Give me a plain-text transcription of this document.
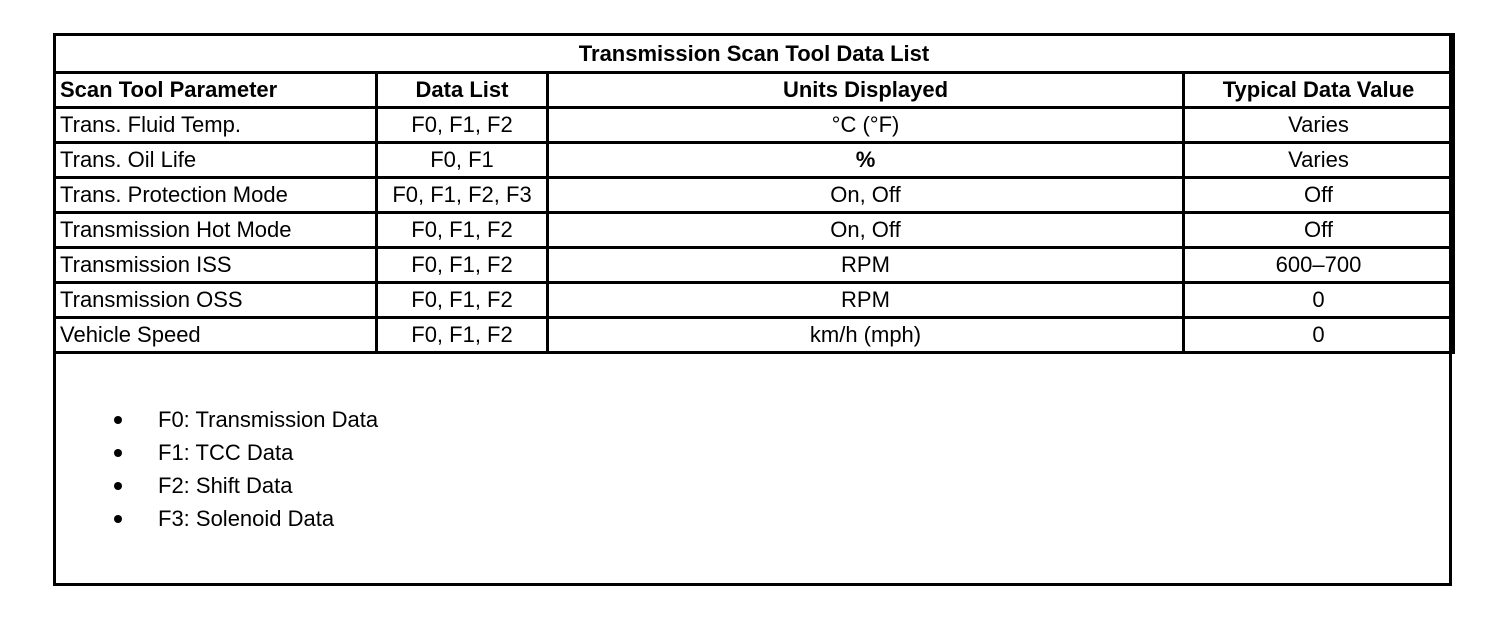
Transmission Scan Tool Data List			
Scan Tool Parameter	Data List	Units Displayed	Typical Data Value
Trans. Fluid Temp.	F0, F1, F2	°C (°F)	Varies
Trans. Oil Life	F0, F1	%	Varies
Trans. Protection Mode	F0, F1, F2, F3	On, Off	Off
Transmission Hot Mode	F0, F1, F2	On, Off	Off
Transmission ISS	F0, F1, F2	RPM	600–700
Transmission OSS	F0, F1, F2	RPM	0
Vehicle Speed	F0, F1, F2	km/h (mph)	0
F0: Transmission Data
F1: TCC Data
F2: Shift Data
F3: Solenoid Data
